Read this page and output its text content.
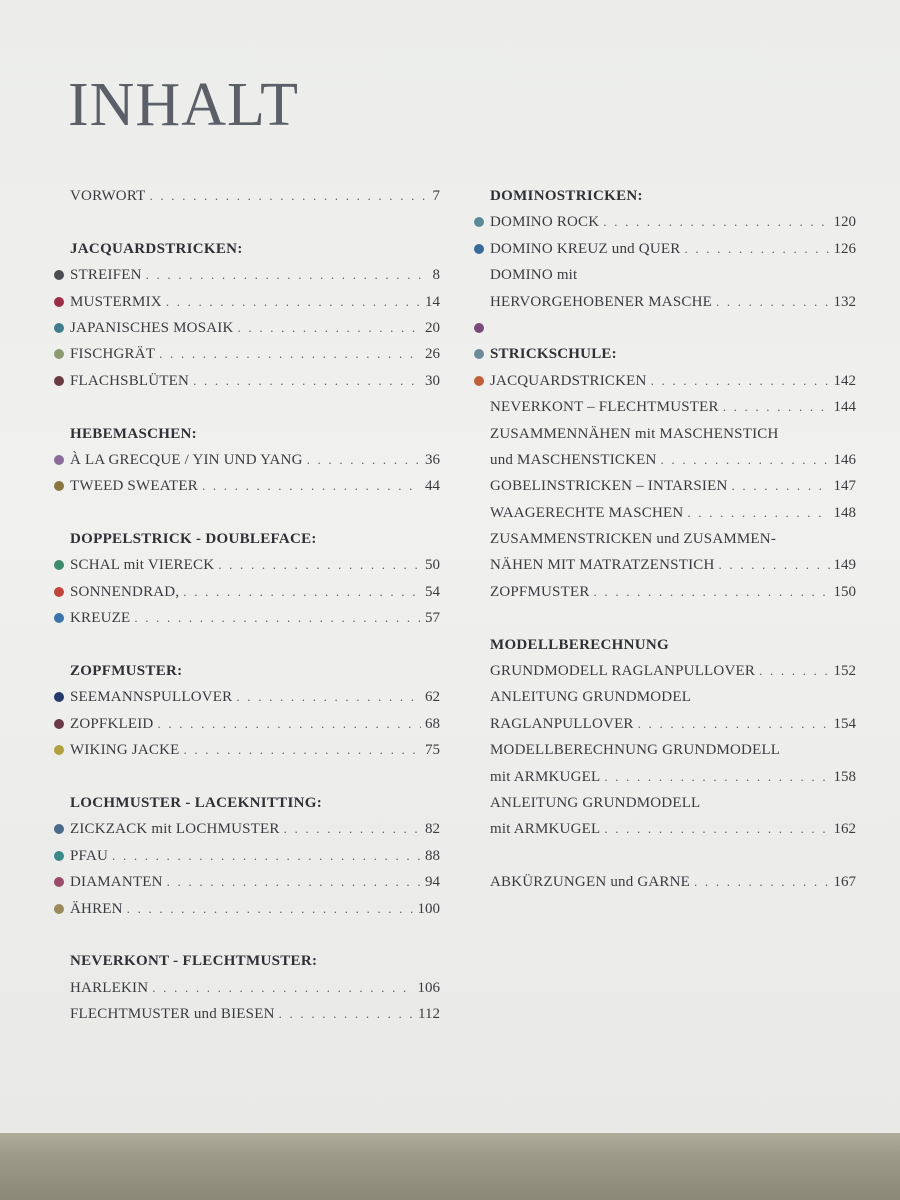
INHALT
VORWORT . . .	7
JACQUARDSTRICKEN:
STREIFEN . . .	8
MUSTERMIX . . .	14
JAPANISCHES MOSAIK . . .	20
FISCHGRÄT . . .	26
FLACHSBLÜTEN . . .	30
HEBEMASCHEN:
À LA GRECQUE / YIN UND YANG . . .	36
TWEED SWEATER . . .	44
DOPPELSTRICK - DOUBLEFACE:
SCHAL mit VIERECK . . .	50
SONNENDRAD, . . .	54
KREUZE . . .	57
ZOPFMUSTER:
SEEMANNSPULLOVER . . .	62
ZOPFKLEID . . .	68
WIKING JACKE . . .	75
LOCHMUSTER - LACEKNITTING:
ZICKZACK mit LOCHMUSTER . . .	82
PFAU . . .	88
DIAMANTEN . . .	94
ÄHREN . . .	100
NEVERKONT - FLECHTMUSTER:
HARLEKIN . . .	106
FLECHTMUSTER und BIESEN . . .	112
DOMINOSTRICKEN:
DOMINO ROCK . . .	120
DOMINO KREUZ und QUER . . .	126
DOMINO mit
HERVORGEHOBENER MASCHE . . .	132
STRICKSCHULE:
JACQUARDSTRICKEN . . .	142
NEVERKONT – FLECHTMUSTER . . .	144
ZUSAMMENNÄHEN mit MASCHENSTICH
und MASCHENSTICKEN . . .	146
GOBELINSTRICKEN – INTARSIEN . . .	147
WAAGERECHTE MASCHEN . . .	148
ZUSAMMENSTRICKEN und ZUSAMMEN-
NÄHEN MIT MATRATZENSTICH . . .	149
ZOPFMUSTER . . .	150
MODELLBERECHNUNG
GRUNDMODELL RAGLANPULLOVER . . .	152
ANLEITUNG GRUNDMODEL
RAGLANPULLOVER . . .	154
MODELLBERECHNUNG GRUNDMODELL
mit ARMKUGEL . . .	158
ANLEITUNG GRUNDMODELL
mit ARMKUGEL . . .	162
ABKÜRZUNGEN und GARNE . . .	167
